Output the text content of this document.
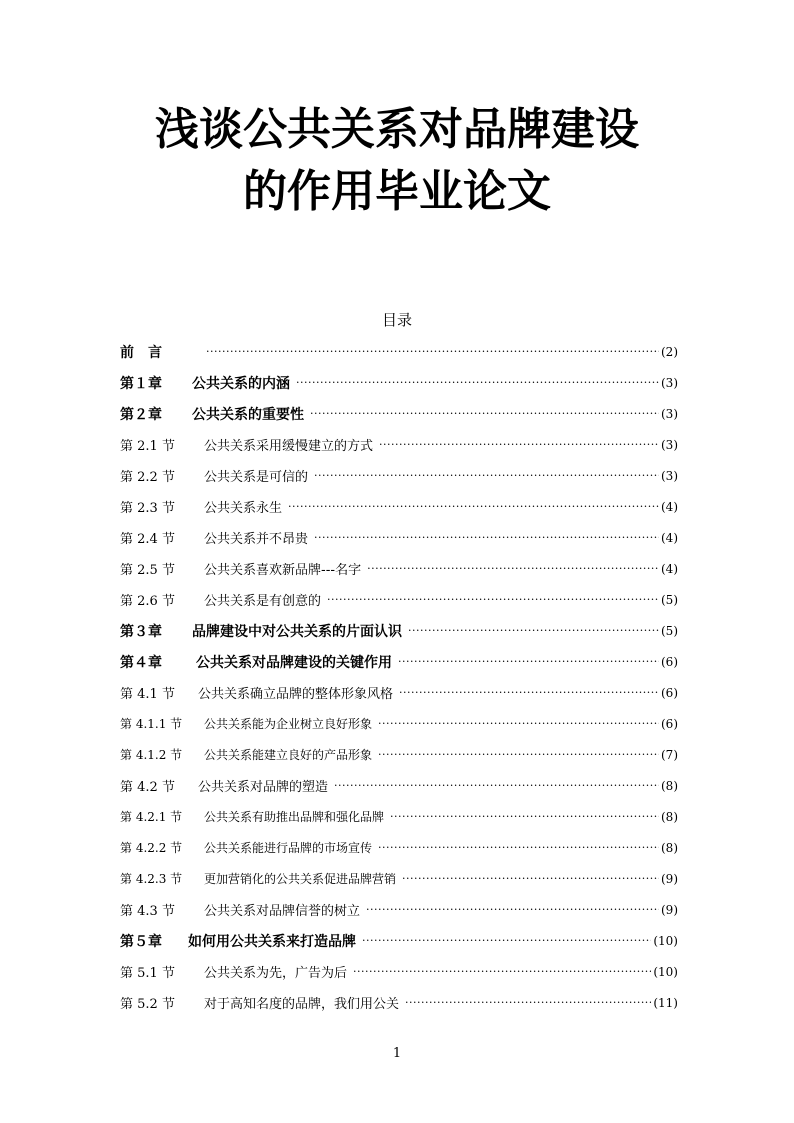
浅谈公共关系对品牌建设
的作用毕业论文
目录
前　言 ·····	(2)
第１章 公共关系的内涵 ·····	(3)
第２章 公共关系的重要性 ·····	(3)
第 2.1 节 公共关系采用缓慢建立的方式 ·····	(3)
第 2.2 节 公共关系是可信的 ·····	(3)
第 2.3 节 公共关系永生 ·····	(4)
第 2.4 节 公共关系并不昂贵 ·····	(4)
第 2.5 节 公共关系喜欢新品牌---名字 ·····	(4)
第 2.6 节 公共关系是有创意的 ·····	(5)
第３章 品牌建设中对公共关系的片面认识 ·····	(5)
第４章 公共关系对品牌建设的关键作用 ·····	(6)
第 4.1 节 公共关系确立品牌的整体形象风格 ·····	(6)
第 4.1.1 节 公共关系能为企业树立良好形象 ·····	(6)
第 4.1.2 节 公共关系能建立良好的产品形象 ·····	(7)
第 4.2 节 公共关系对品牌的塑造 ·····	(8)
第 4.2.1 节 公共关系有助推出品牌和强化品牌 ·····	(8)
第 4.2.2 节 公共关系能进行品牌的市场宣传 ·····	(8)
第 4.2.3 节 更加营销化的公共关系促进品牌营销 ·····	(9)
第 4.3 节 公共关系对品牌信誉的树立 ·····	(9)
第５章 如何用公共关系来打造品牌 ·····	(10)
第 5.1 节 公共关系为先，广告为后 ·····	(10)
第 5.2 节 对于高知名度的品牌，我们用公关 ·····	(11)
1
